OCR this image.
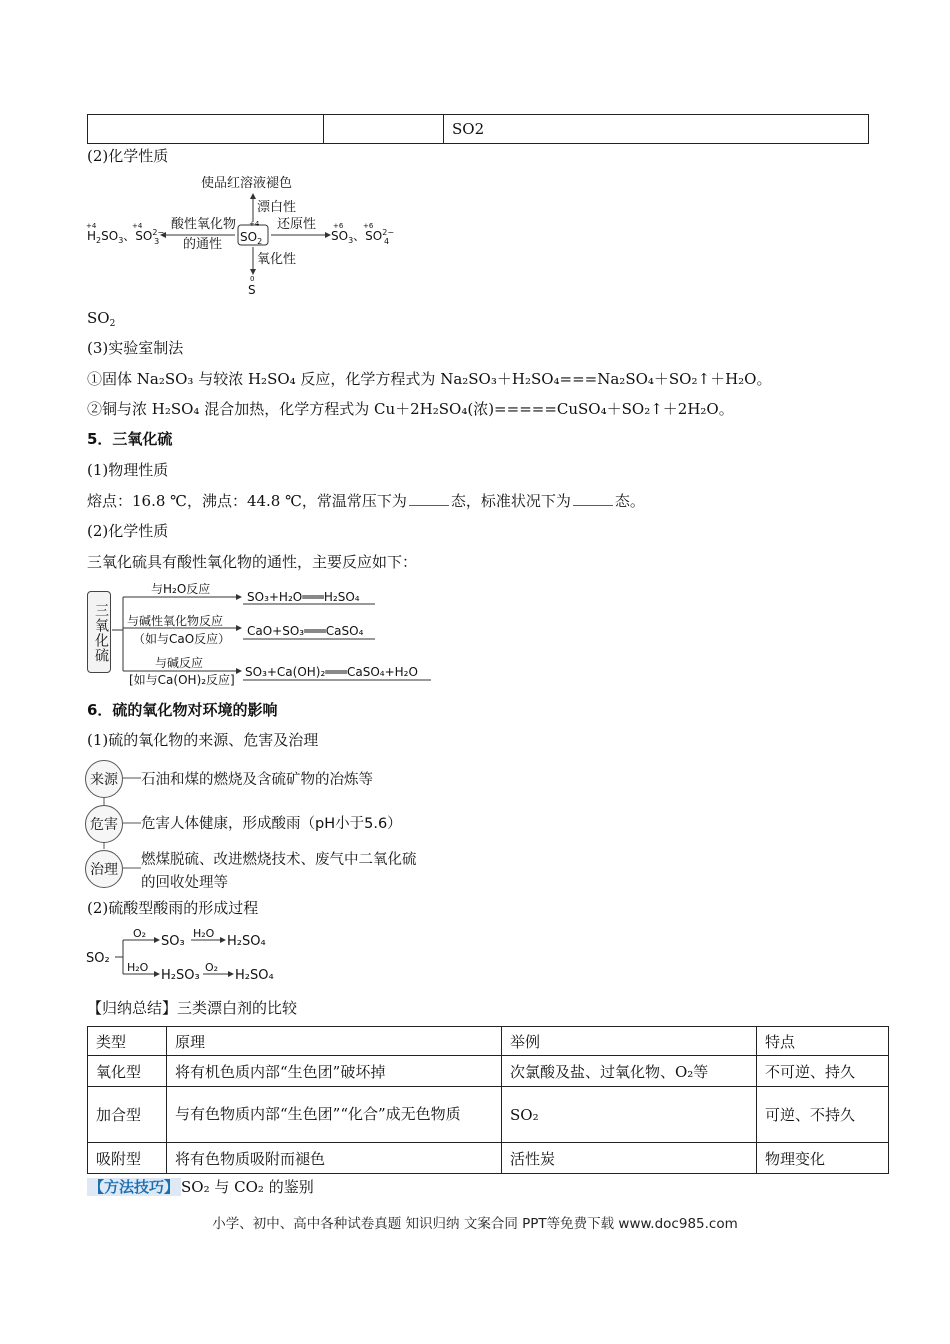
		SO2
(2)化学性质
使品红溶液褪色
漂白性
$SO_2$
+4
酸性氧化物
的通性
+4	+4
$H_2SO_3$、$SO^{2-}$ 3
还原性 +6	+6
$SO_3$、$SO^{2-}$ 4
氧化性
0
S
$SO_2$
(3)实验室制法
①固体 Na₂SO₃ 与较浓 H₂SO₄ 反应，化学方程式为 Na₂SO₃＋H₂SO₄===Na₂SO₄＋SO₂↑＋H₂O。
②铜与浓 H₂SO₄ 混合加热，化学方程式为 Cu＋2H₂SO₄(浓)=====CuSO₄＋SO₂↑＋2H₂O。
5．三氧化硫
(1)物理性质
熔点：16.8 ℃，沸点：44.8 ℃，常温常压下为	态，标准状况下为	态。
(2)化学性质
三氧化硫具有酸性氧化物的通性，主要反应如下：
三氧化硫
与H₂O反应
SO₃+H₂O═══H₂SO₄
与碱性氧化物反应
（如与CaO反应）
CaO+SO₃═══CaSO₄
与碱反应
[如与Ca(OH)₂反应]
SO₃+Ca(OH)₂═══CaSO₄+H₂O
6．硫的氧化物对环境的影响
(1)硫的氧化物的来源、危害及治理
来源
危害
治理
石油和煤的燃烧及含硫矿物的冶炼等
危害人体健康，形成酸雨（pH小于5.6）
燃煤脱硫、改进燃烧技术、废气中二氧化硫
的回收处理等
(2)硫酸型酸雨的形成过程
SO₂
O₂
SO₃
H₂O
H₂SO₄
H₂O
H₂SO₃
O₂
H₂SO₄
【归纳总结】三类漂白剂的比较
类型	原理	举例	特点
氧化型	将有机色质内部“生色团”破坏掉	次氯酸及盐、过氧化物、O₂等	不可逆、持久
加合型	与有色物质内部“生色团”“化合”成无色物质	SO₂	可逆、不持久
吸附型	将有色物质吸附而褪色	活性炭	物理变化
【方法技巧】 SO₂ 与 CO₂ 的鉴别
小学、初中、高中各种试卷真题 知识归纳 文案合同 PPT等免费下载 www.doc985.com
